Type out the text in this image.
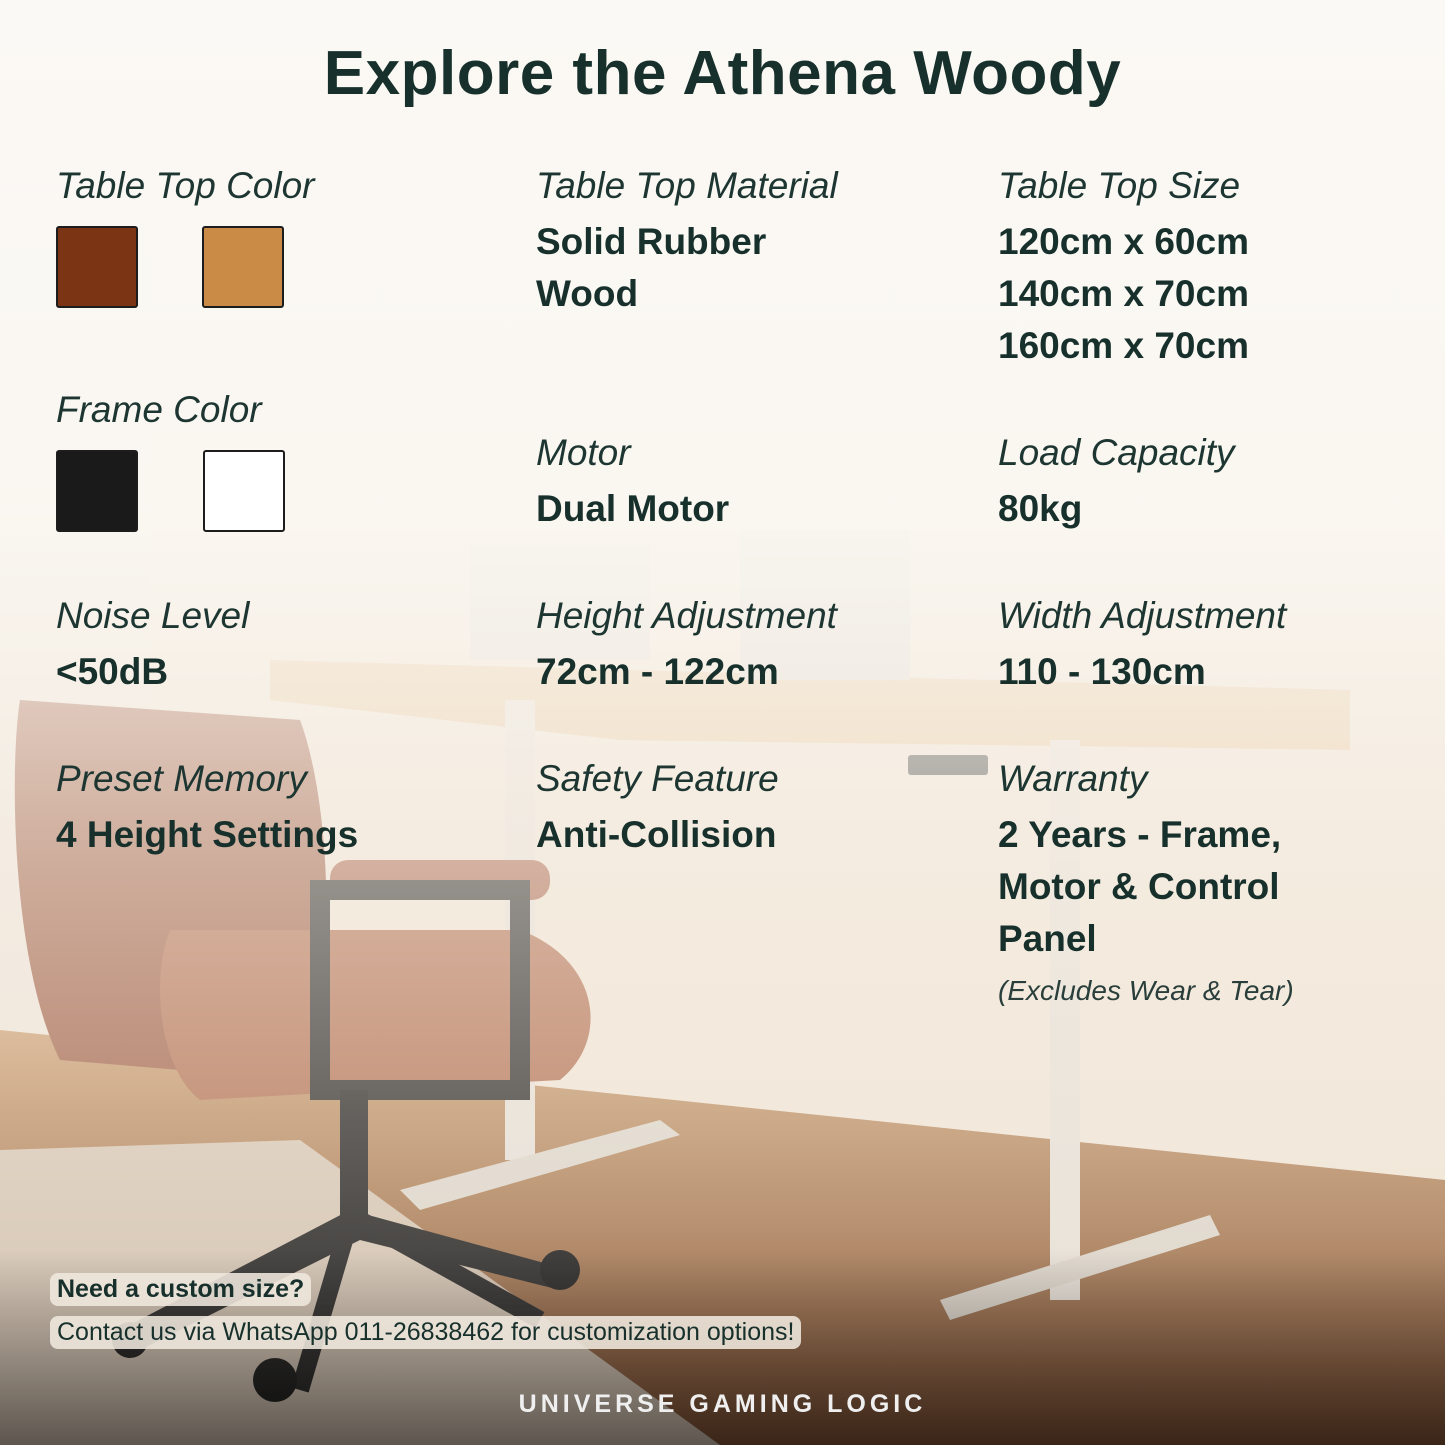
Explore the Athena Woody
Table Top Color
Frame Color
Noise Level
<50dB
Preset Memory
4 Height Settings
Table Top Material
Solid Rubber
Wood
Motor
Dual Motor
Height Adjustment
72cm - 122cm
Safety Feature
Anti-Collision
Table Top Size
120cm x 60cm
140cm x 70cm
160cm x 70cm
Load Capacity
80kg
Width Adjustment
110 - 130cm
Warranty
2 Years - Frame,
Motor & Control
Panel
(Excludes Wear & Tear)
Need a custom size?
Contact us via WhatsApp 011-26838462 for customization options!
UNIVERSE GAMING LOGIC
